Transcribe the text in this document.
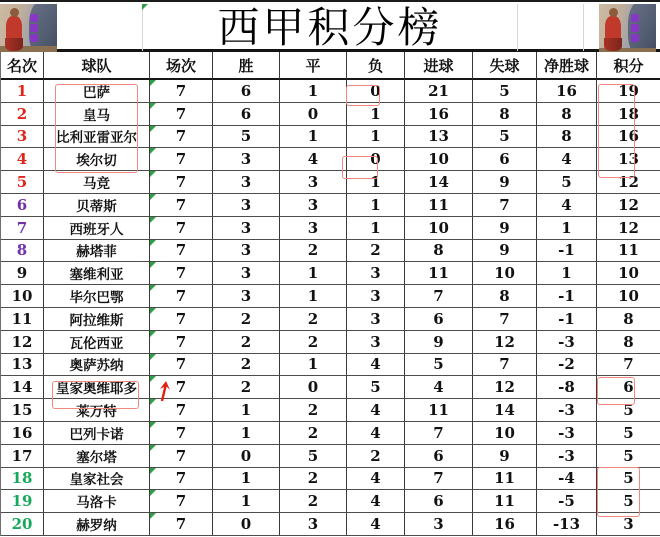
西甲积分榜
名次	球队	场次	胜	平	负	进球	失球	净胜球	积分
1	巴萨	7	6	1	0	21	5	16	19
2	皇马	7	6	0	1	16	8	8	18
3	比利亚雷亚尔	7	5	1	1	13	5	8	16
4	埃尔切	7	3	4	0	10	6	4	13
5	马竞	7	3	3	1	14	9	5	12
6	贝蒂斯	7	3	3	1	11	7	4	12
7	西班牙人	7	3	3	1	10	9	1	12
8	赫塔菲	7	3	2	2	8	9	-1	11
9	塞维利亚	7	3	1	3	11	10	1	10
10	毕尔巴鄂	7	3	1	3	7	8	-1	10
11	阿拉维斯	7	2	2	3	6	7	-1	8
12	瓦伦西亚	7	2	2	3	9	12	-3	8
13	奥萨苏纳	7	2	1	4	5	7	-2	7
14	皇家奥维耶多	7	2	0	5	4	12	-8	6
15	莱万特	7	1	2	4	11	14	-3	5
16	巴列卡诺	7	1	2	4	7	10	-3	5
17	塞尔塔	7	0	5	2	6	9	-3	5
18	皇家社会	7	1	2	4	7	11	-4	5
19	马洛卡	7	1	2	4	6	11	-5	5
20	赫罗纳	7	0	3	4	3	16	-13	3
